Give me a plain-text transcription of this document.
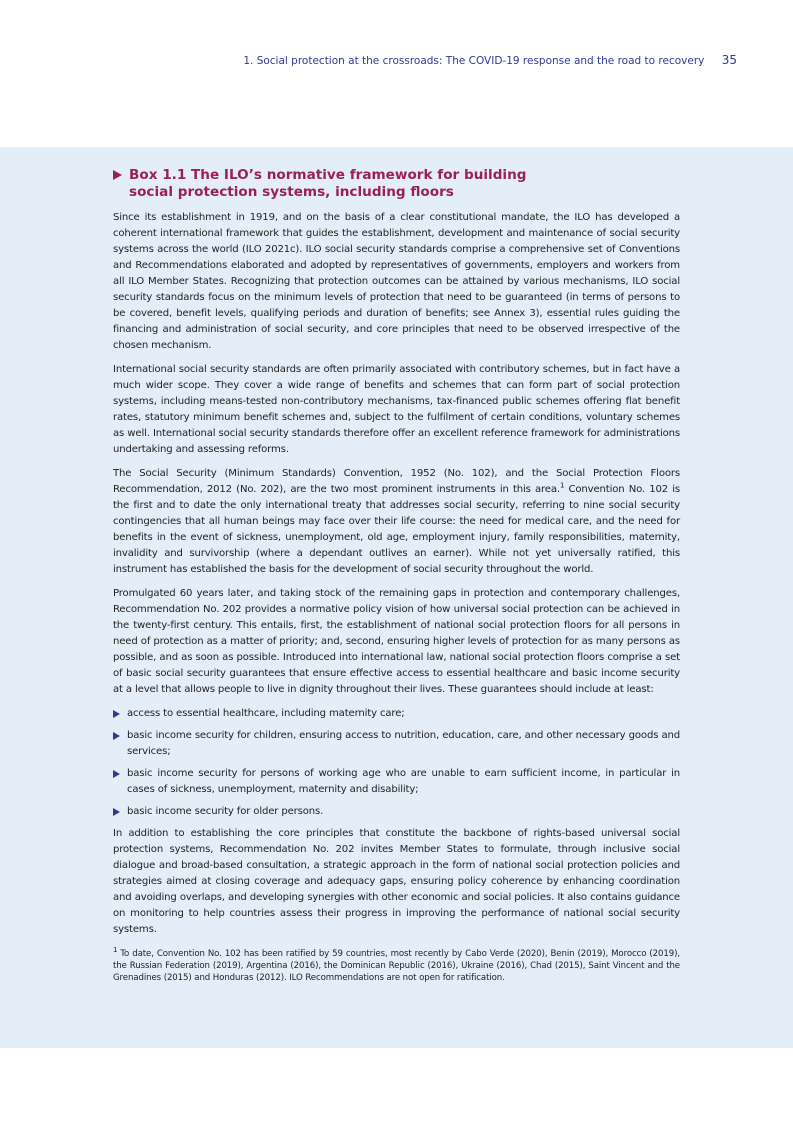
1. Social protection at the crossroads: The COVID-19 response and the road to recovery 35
Box 1.1 The ILO’s normative framework for building
social protection systems, including floors

Since its establishment in 1919, and on the basis of a clear constitutional mandate, the ILO has developed a coherent international framework that guides the establishment, development and maintenance of social security systems across the world (ILO 2021c). ILO social security standards comprise a comprehensive set of Conventions and Recommendations elaborated and adopted by representatives of governments, employers and workers from all ILO Member States. Recognizing that protection outcomes can be attained by various mechanisms, ILO social security standards focus on the minimum levels of protection that need to be guaranteed (in terms of persons to be covered, benefit levels, qualifying periods and duration of benefits; see Annex 3), essential rules guiding the financing and administration of social security, and core principles that need to be observed irrespective of the chosen mechanism.

International social security standards are often primarily associated with contributory schemes, but in fact have a much wider scope. They cover a wide range of benefits and schemes that can form part of social protection systems, including means-tested non-contributory mechanisms, tax-financed public schemes offering flat benefit rates, statutory minimum benefit schemes and, subject to the fulfilment of certain conditions, voluntary schemes as well. International social security standards therefore offer an excellent reference framework for administrations undertaking and assessing reforms.

The Social Security (Minimum Standards) Convention, 1952 (No. 102), and the Social Protection Floors Recommendation, 2012 (No. 202), are the two most prominent instruments in this area.$^1$ Convention No. 102 is the first and to date the only international treaty that addresses social security, referring to nine social security contingencies that all human beings may face over their life course: the need for medical care, and the need for benefits in the event of sickness, unemployment, old age, employment injury, family responsibilities, maternity, invalidity and survivorship (where a dependant outlives an earner). While not yet universally ratified, this instrument has established the basis for the development of social security throughout the world.

Promulgated 60 years later, and taking stock of the remaining gaps in protection and contemporary challenges, Recommendation No. 202 provides a normative policy vision of how universal social protection can be achieved in the twenty-first century. This entails, first, the establishment of national social protection floors for all persons in need of protection as a matter of priority; and, second, ensuring higher levels of protection for as many persons as possible, and as soon as possible. Introduced into international law, national social protection floors comprise a set of basic social security guarantees that ensure effective access to essential healthcare and basic income security at a level that allows people to live in dignity throughout their lives. These guarantees should include at least:

access to essential healthcare, including maternity care;
basic income security for children, ensuring access to nutrition, education, care, and other necessary goods and services;
basic income security for persons of working age who are unable to earn sufficient income, in particular in cases of sickness, unemployment, maternity and disability;
basic income security for older persons.

In addition to establishing the core principles that constitute the backbone of rights-based universal social protection systems, Recommendation No. 202 invites Member States to formulate, through inclusive social dialogue and broad-based consultation, a strategic approach in the form of national social protection policies and strategies aimed at closing coverage and adequacy gaps, ensuring policy coherence by enhancing coordination and avoiding overlaps, and developing synergies with other economic and social policies. It also contains guidance on monitoring to help countries assess their progress in improving the performance of national social security systems.

$^1$ To date, Convention No. 102 has been ratified by 59 countries, most recently by Cabo Verde (2020), Benin (2019), Morocco (2019), the Russian Federation (2019), Argentina (2016), the Dominican Republic (2016), Ukraine (2016), Chad (2015), Saint Vincent and the Grenadines (2015) and Honduras (2012). ILO Recommendations are not open for ratification.
